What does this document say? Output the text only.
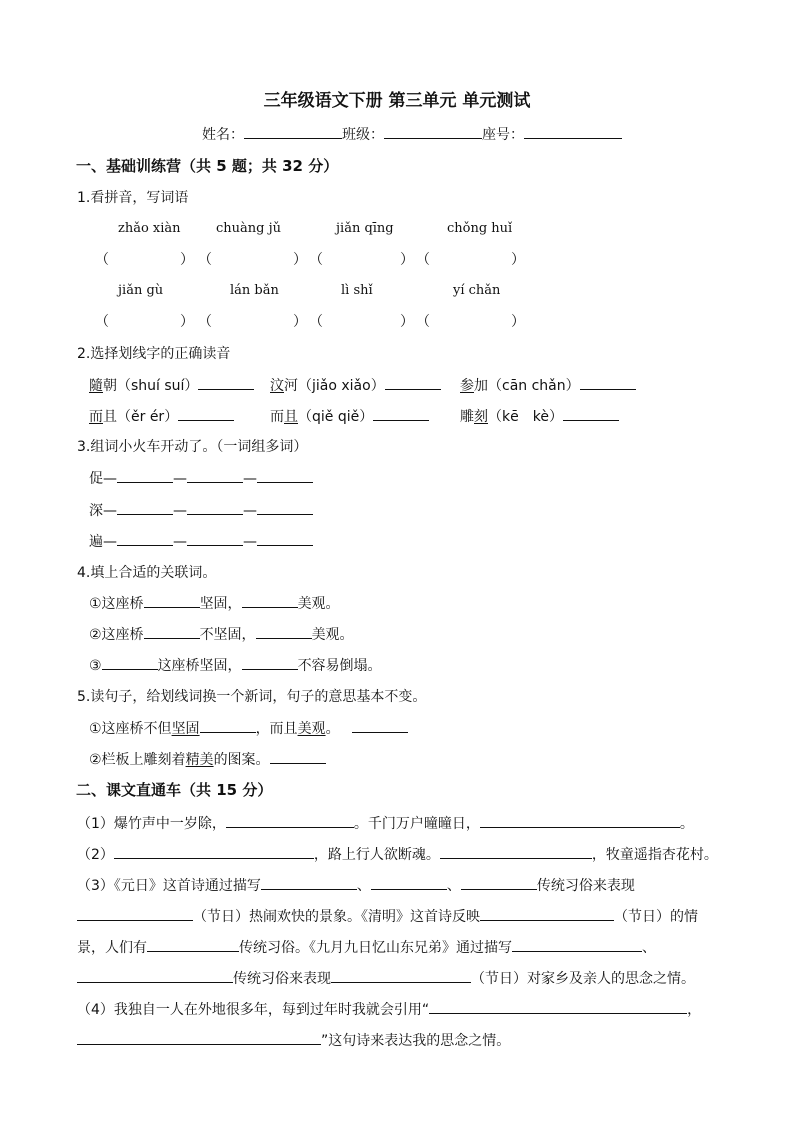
三年级语文下册 第三单元 单元测试
姓名：	班级：	座号：
一、基础训练营（共 5 题；共 32 分）
1.看拼音，写词语
zhǎo xiàn	chuàng jǔ	jiǎn qīng	chǒng huǐ
（	） （	） （	） （	）
jiǎn gù	lán bǎn	lì shǐ	yí chǎn
（	） （	） （	） （	）
2.选择划线字的正确读音
隨朝（shuí suí）	汶河（jiǎo xiǎo）	参加（cān chǎn）
而且（ěr ér）	而且（qiě qiě）	雕刻（kē　kè）
3.组词小火车开动了。（一词组多词）
促—	—	—
深—	—	—
遍—	—	—
4.填上合适的关联词。
①这座桥	坚固，	美观。
②这座桥	不坚固，	美观。
③	这座桥坚固，	不容易倒塌。
5.读句子，给划线词换一个新词，句子的意思基本不变。
①这座桥不但坚固	，而且美观。
②栏板上雕刻着精美的图案。
二、课文直通车（共 15 分）
（1）爆竹声中一岁除，	。千门万户曈曈日，	。
（2）	，路上行人欲断魂。	，牧童遥指杏花村。
（3）《元日》这首诗通过描写	、	、	传统习俗来表现
（节日）热闹欢快的景象。《清明》这首诗反映	（节日）的情
景，人们有	传统习俗。《九月九日忆山东兄弟》通过描写	、
传统习俗来表现	（节日）对家乡及亲人的思念之情。
（4）我独自一人在外地很多年，每到过年时我就会引用“	，
”这句诗来表达我的思念之情。
